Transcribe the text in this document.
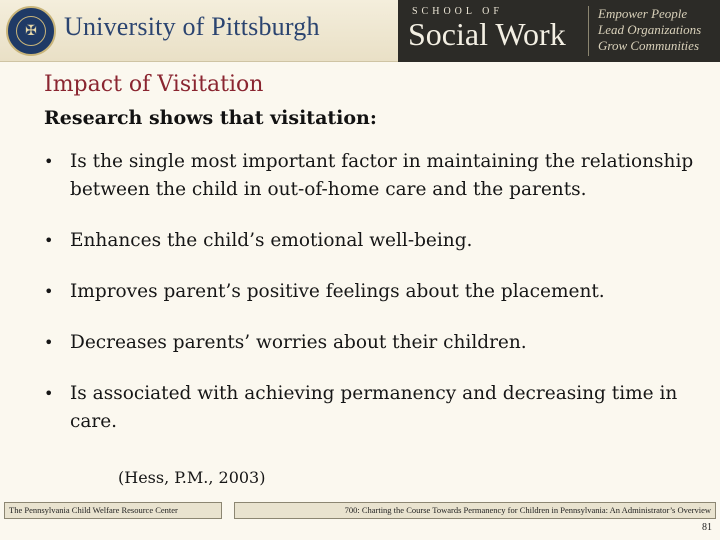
✠	University of Pittsburgh
SCHOOL OF
Social Work
Empower People
Lead Organizations
Grow Communities
Impact of Visitation
Research shows that visitation:
• Is the single most important factor in maintaining the relationship between the child in out-of-home care and the parents.
• Enhances the child’s emotional well-being.
• Improves parent’s positive feelings about the placement.
• Decreases parents’ worries about their children.
• Is associated with achieving permanency and decreasing time in care.
(Hess, P.M., 2003)
The Pennsylvania Child Welfare Resource Center	700: Charting the Course Towards Permanency for Children in Pennsylvania: An Administrator’s Overview
81
